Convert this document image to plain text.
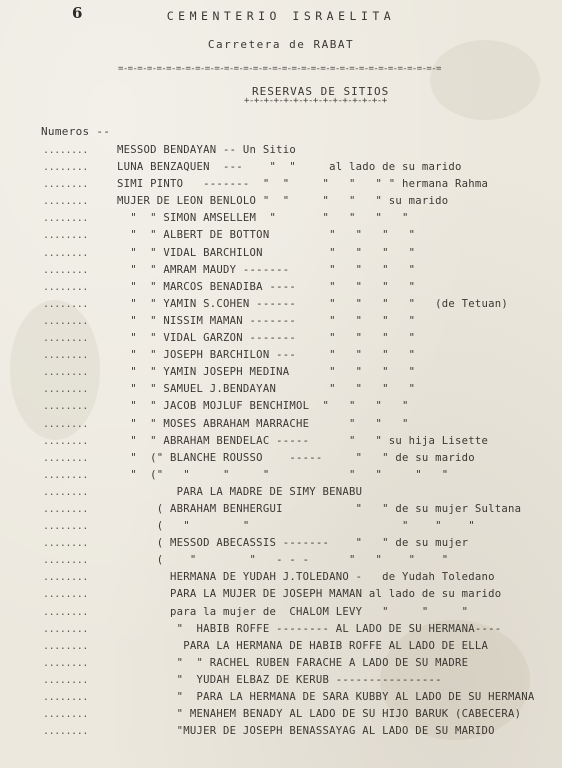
6	CEMENTERIO ISRAELITA
Carretera de RABAT
=-=-=-=-=-=-=-=-=-=-=-=-=-=-=-=-=-=-=-=-=-=-=-=-=-=-=-=-=-=-=-=-=-=
RESERVAS DE SITIOS
+-+-+-+-+-+-+-+-+-+-+-+-+-+-+
Numeros --
........	MESSOD BENDAYAN -- Un Sitio
........	LUNA BENZAQUEN  ---    "  "     al lado de su marido
........	SIMI PINTO   -------  "  "     "   "   " " hermana Rahma
........	MUJER DE LEON BENLOLO "  "     "   "   " su marido
........	"  " SIMON AMSELLEM  "       "   "   "   "
........	"  " ALBERT DE BOTTON         "   "   "   "
........	"  " VIDAL BARCHILON          "   "   "   "
........	"  " AMRAM MAUDY -------      "   "   "   "
........	"  " MARCOS BENADIBA ----     "   "   "   "
........	"  " YAMIN S.COHEN ------     "   "   "   "   (de Tetuan)
........	"  " NISSIM MAMAN -------     "   "   "   "
........	"  " VIDAL GARZON -------     "   "   "   "
........	"  " JOSEPH BARCHILON ---     "   "   "   "
........	"  " YAMIN JOSEPH MEDINA      "   "   "   "
........	"  " SAMUEL J.BENDAYAN        "   "   "   "
........	"  " JACOB MOJLUF BENCHIMOL  "   "   "   "
........	"  " MOSES ABRAHAM MARRACHE      "   "   "
........	"  " ABRAHAM BENDELAC -----      "   " su hija Lisette
........	"  (" BLANCHE ROUSSO    -----     "   " de su marido
........	"  ("   "     "     "            "   "     "   "
........	PARA LA MADRE DE SIMY BENABU
........	( ABRAHAM BENHERGUI           "   " de su mujer Sultana
........	(   "        "                       "    "    "
........	( MESSOD ABECASSIS -------    "   " de su mujer
........	(    "        "   - - -      "   "    "    "
........	HERMANA DE YUDAH J.TOLEDANO -   de Yudah Toledano
........	PARA LA MUJER DE JOSEPH MAMAN al lado de su marido
........	para la mujer de  CHALOM LEVY   "     "     "
........	"  HABIB ROFFE -------- AL LADO DE SU HERMANA----
........	PARA LA HERMANA DE HABIB ROFFE AL LADO DE ELLA
........	"  " RACHEL RUBEN FARACHE A LADO DE SU MADRE
........	"  YUDAH ELBAZ DE KERUB ----------------
........	"  PARA LA HERMANA DE SARA KUBBY AL LADO DE SU HERMANA
........	" MENAHEM BENADY AL LADO DE SU HIJO BARUK (CABECERA)
........	"MUJER DE JOSEPH BENASSAYAG AL LADO DE SU MARIDO
